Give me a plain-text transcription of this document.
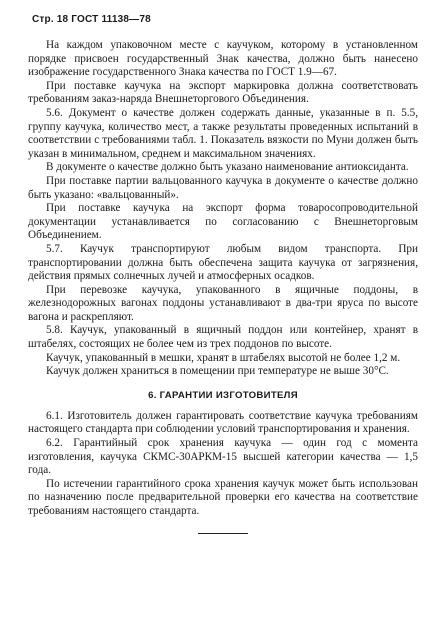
Стр. 18 ГОСТ 11138—78

На каждом упаковочном месте с каучуком, которому в установленном порядке присвоен государственный Знак качества, должно быть нанесено изображение государственного Знака качества по ГОСТ 1.9—67.

При поставке каучука на экспорт маркировка должна соответствовать требованиям заказ-наряда Внешнеторгового Объединения.

5.6. Документ о качестве должен содержать данные, указанные в п. 5.5, группу каучука, количество мест, а также результаты проведенных испытаний в соответствии с требованиями табл. 1. Показатель вязкости по Муни должен быть указан в минимальном, среднем и максимальном значениях.

В документе о качестве должно быть указано наименование антиоксиданта.

При поставке партии вальцованного каучука в документе о качестве должно быть указано: «вальцованный».

При поставке каучука на экспорт форма товаросопроводительной документации устанавливается по согласованию с Внешнеторговым Объединением.

5.7. Каучук транспортируют любым видом транспорта. При транспортировании должна быть обеспечена защита каучука от загрязнения, действия прямых солнечных лучей и атмосферных осадков.

При перевозке каучука, упакованного в ящичные поддоны, в железнодорожных вагонах поддоны устанавливают в два-три яруса по высоте вагона и раскрепляют.

5.8. Каучук, упакованный в ящичный поддон или контейнер, хранят в штабелях, состоящих не более чем из трех поддонов по высоте.

Каучук, упакованный в мешки, хранят в штабелях высотой не более 1,2 м.

Каучук должен храниться в помещении при температуре не выше 30°С.

6. ГАРАНТИИ ИЗГОТОВИТЕЛЯ

6.1. Изготовитель должен гарантировать соответствие каучука требованиям настоящего стандарта при соблюдении условий транспортирования и хранения.

6.2. Гарантийный срок хранения каучука — один год с момента изготовления, каучука СКМС-30АРКМ-15 высшей категории качества — 1,5 года.

По истечении гарантийного срока хранения каучук может быть использован по назначению после предварительной проверки его качества на соответствие требованиям настоящего стандарта.
